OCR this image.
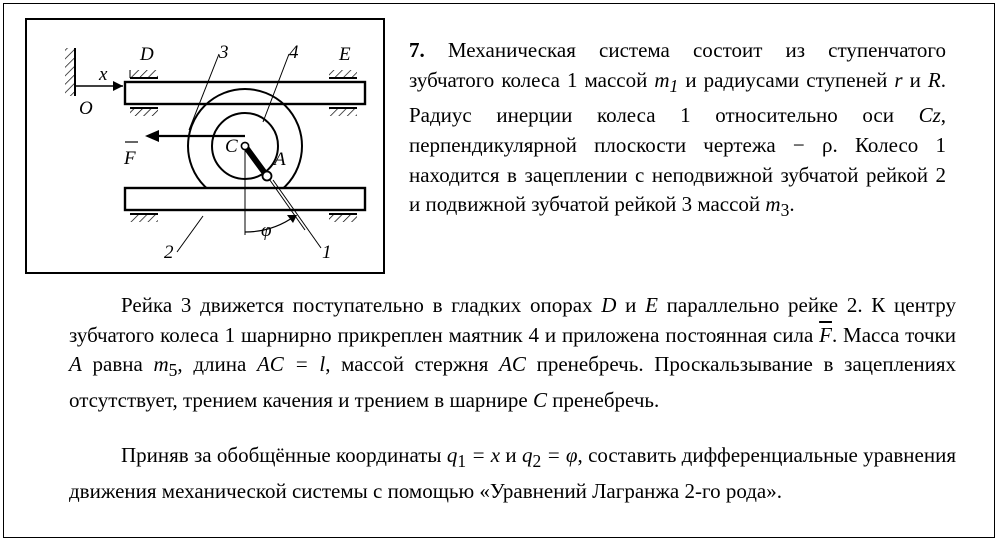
D	E
3	4
x
O
C
A
F
φ
2	1
7. Механическая система состоит из ступенчатого зубчатого колеса 1 массой $m_1$ и радиусами ступеней r и R. Радиус инерции колеса 1 относительно оси Cz, перпендикулярной плоскости чертежа − ρ. Колесо 1 находится в зацеплении с неподвижной зубчатой рейкой 2 и подвижной зубчатой рейкой 3 массой $m_3$.
Рейка 3 движется поступательно в гладких опорах D и E параллельно рейке 2. К центру зубчатого колеса 1 шарнирно прикреплен маятник 4 и приложена постоянная сила $\overline{F}$. Масса точки A равна $m_5$, длина AC = l, массой стержня AC пренебречь. Проскальзывание в зацеплениях отсутствует, трением качения и трением в шарнире C пренебречь.
Приняв за обобщённые координаты $q_1 = x$ и $q_2 = \varphi$, составить дифференциальные уравнения движения механической системы с помощью «Уравнений Лагранжа 2-го рода».
